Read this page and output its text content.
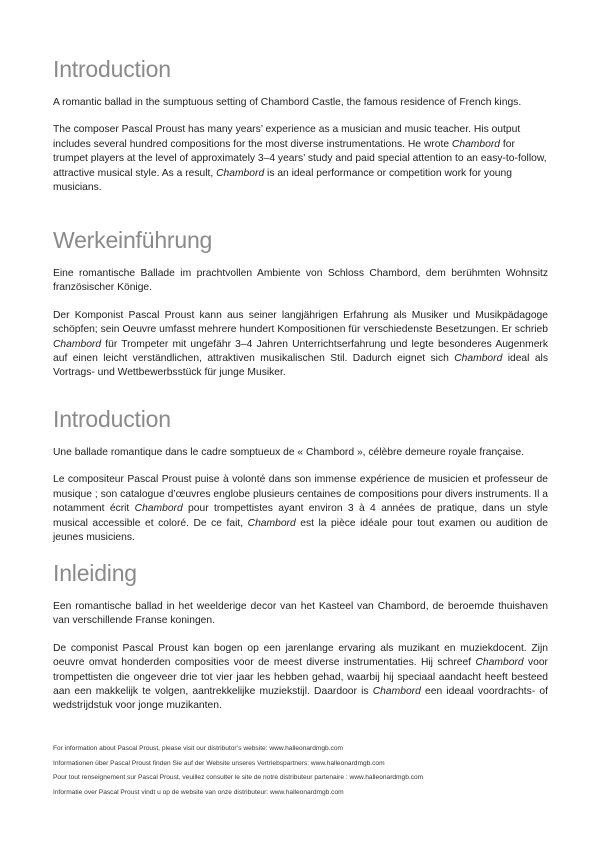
Introduction

A romantic ballad in the sumptuous setting of Chambord Castle, the famous residence of French kings.

The composer Pascal Proust has many years’ experience as a musician and music teacher. His output includes several hundred compositions for the most diverse instrumentations. He wrote Chambord for trumpet players at the level of approximately 3–4 years’ study and paid special attention to an easy-to-follow, attractive musical style. As a result, Chambord is an ideal performance or competition work for young musicians.

Werkeinführung

Eine romantische Ballade im prachtvollen Ambiente von Schloss Chambord, dem berühmten Wohnsitz französischer Könige.

Der Komponist Pascal Proust kann aus seiner langjährigen Erfahrung als Musiker und Musikpädagoge schöpfen; sein Oeuvre umfasst mehrere hundert Kompositionen für verschiedenste Besetzungen. Er schrieb Chambord für Trompeter mit ungefähr 3–4 Jahren Unterrichtserfahrung und legte besonderes Augenmerk auf einen leicht verständlichen, attraktiven musikalischen Stil. Dadurch eignet sich Chambord ideal als Vortrags- und Wettbewerbsstück für junge Musiker.

Introduction

Une ballade romantique dans le cadre somptueux de « Chambord », célèbre demeure royale française.

Le compositeur Pascal Proust puise à volonté dans son immense expérience de musicien et professeur de musique ; son catalogue d’œuvres englobe plusieurs centaines de compositions pour divers instruments. Il a notamment écrit Chambord pour trompettistes ayant environ 3 à 4 années de pratique, dans un style musical accessible et coloré. De ce fait, Chambord est la pièce idéale pour tout examen ou audition de jeunes musiciens.

Inleiding

Een romantische ballad in het weelderige decor van het Kasteel van Chambord, de beroemde thuishaven van verschillende Franse koningen.

De componist Pascal Proust kan bogen op een jarenlange ervaring als muzikant en muziekdocent. Zijn oeuvre omvat honderden composities voor de meest diverse instrumentaties. Hij schreef Chambord voor trompettisten die ongeveer drie tot vier jaar les hebben gehad, waarbij hij speciaal aandacht heeft besteed aan een makkelijk te volgen, aantrekkelijke muziekstijl. Daardoor is Chambord een ideaal voordrachts- of wedstrijdstuk voor jonge muzikanten.

For information about Pascal Proust, please visit our distributor’s website: www.halleonardmgb.com

Informationen über Pascal Proust finden Sie auf der Website unseres Vertriebspartners: www.halleonardmgb.com

Pour tout renseignement sur Pascal Proust, veuillez consulter le site de notre distributeur partenaire : www.halleonardmgb.com

Informatie over Pascal Proust vindt u op de website van onze distributeur: www.halleonardmgb.com
